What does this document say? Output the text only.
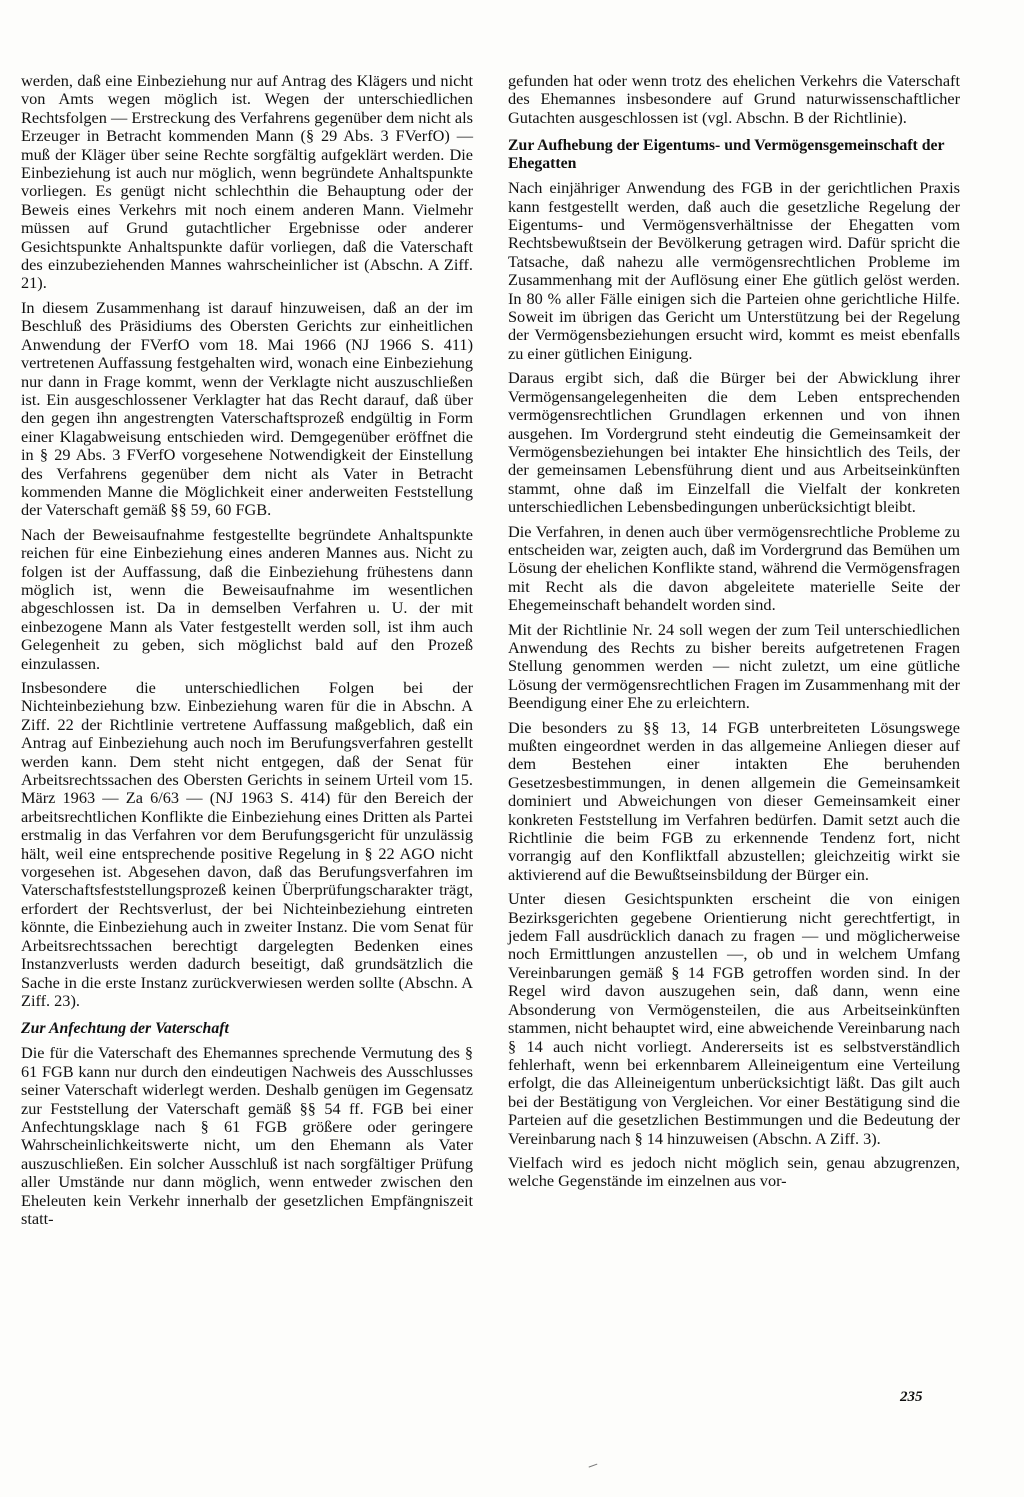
werden, daß eine Einbeziehung nur auf Antrag des Klägers und nicht von Amts wegen möglich ist. Wegen der unterschiedlichen Rechtsfolgen — Erstreckung des Verfahrens gegenüber dem nicht als Erzeuger in Betracht kommenden Mann (§ 29 Abs. 3 FVerfO) — muß der Kläger über seine Rechte sorgfältig aufgeklärt werden. Die Einbeziehung ist auch nur möglich, wenn begründete Anhaltspunkte vorliegen. Es genügt nicht schlechthin die Behauptung oder der Beweis eines Verkehrs mit noch einem anderen Mann. Vielmehr müssen auf Grund gutachtlicher Ergebnisse oder anderer Gesichtspunkte Anhaltspunkte dafür vorliegen, daß die Vaterschaft des einzubeziehenden Mannes wahrscheinlicher ist (Abschn. A Ziff. 21).

In diesem Zusammenhang ist darauf hinzuweisen, daß an der im Beschluß des Präsidiums des Obersten Gerichts zur einheitlichen Anwendung der FVerfO vom 18. Mai 1966 (NJ 1966 S. 411) vertretenen Auffassung festgehalten wird, wonach eine Einbeziehung nur dann in Frage kommt, wenn der Verklagte nicht auszuschließen ist. Ein ausgeschlossener Verklagter hat das Recht darauf, daß über den gegen ihn angestrengten Vaterschaftsprozeß endgültig in Form einer Klagabweisung entschieden wird. Demgegenüber eröffnet die in § 29 Abs. 3 FVerfO vorgesehene Notwendigkeit der Einstellung des Verfahrens gegenüber dem nicht als Vater in Betracht kommenden Manne die Möglichkeit einer anderweiten Feststellung der Vaterschaft gemäß §§ 59, 60 FGB.

Nach der Beweisaufnahme festgestellte begründete Anhaltspunkte reichen für eine Einbeziehung eines anderen Mannes aus. Nicht zu folgen ist der Auffassung, daß die Einbeziehung frühestens dann möglich ist, wenn die Beweisaufnahme im wesentlichen abgeschlossen ist. Da in demselben Verfahren u. U. der mit einbezogene Mann als Vater festgestellt werden soll, ist ihm auch Gelegenheit zu geben, sich möglichst bald auf den Prozeß einzulassen.

Insbesondere die unterschiedlichen Folgen bei der Nichteinbeziehung bzw. Einbeziehung waren für die in Abschn. A Ziff. 22 der Richtlinie vertretene Auffassung maßgeblich, daß ein Antrag auf Einbeziehung auch noch im Berufungsverfahren gestellt werden kann. Dem steht nicht entgegen, daß der Senat für Arbeitsrechtssachen des Obersten Gerichts in seinem Urteil vom 15. März 1963 — Za 6/63 — (NJ 1963 S. 414) für den Bereich der arbeitsrechtlichen Konflikte die Einbeziehung eines Dritten als Partei erstmalig in das Verfahren vor dem Berufungsgericht für unzulässig hält, weil eine entsprechende positive Regelung in § 22 AGO nicht vorgesehen ist. Abgesehen davon, daß das Berufungsverfahren im Vaterschaftsfeststellungsprozeß keinen Überprüfungscharakter trägt, erfordert der Rechtsverlust, der bei Nichteinbeziehung eintreten könnte, die Einbeziehung auch in zweiter Instanz. Die vom Senat für Arbeitsrechtssachen berechtigt dargelegten Bedenken eines Instanzverlusts werden dadurch beseitigt, daß grundsätzlich die Sache in die erste Instanz zurückverwiesen werden sollte (Abschn. A Ziff. 23).

Zur Anfechtung der Vaterschaft

Die für die Vaterschaft des Ehemannes sprechende Vermutung des § 61 FGB kann nur durch den eindeutigen Nachweis des Ausschlusses seiner Vaterschaft widerlegt werden. Deshalb genügen im Gegensatz zur Feststellung der Vaterschaft gemäß §§ 54 ff. FGB bei einer Anfechtungsklage nach § 61 FGB größere oder geringere Wahrscheinlichkeitswerte nicht, um den Ehemann als Vater auszuschließen. Ein solcher Ausschluß ist nach sorgfältiger Prüfung aller Umstände nur dann möglich, wenn entweder zwischen den Eheleuten kein Verkehr innerhalb der gesetzlichen Empfängniszeit statt-

gefunden hat oder wenn trotz des ehelichen Verkehrs die Vaterschaft des Ehemannes insbesondere auf Grund naturwissenschaftlicher Gutachten ausgeschlossen ist (vgl. Abschn. B der Richtlinie).

Zur Aufhebung der Eigentums- und Vermögensgemeinschaft der Ehegatten

Nach einjähriger Anwendung des FGB in der gerichtlichen Praxis kann festgestellt werden, daß auch die gesetzliche Regelung der Eigentums- und Vermögensverhältnisse der Ehegatten vom Rechtsbewußtsein der Bevölkerung getragen wird. Dafür spricht die Tatsache, daß nahezu alle vermögensrechtlichen Probleme im Zusammenhang mit der Auflösung einer Ehe gütlich gelöst werden. In 80 % aller Fälle einigen sich die Parteien ohne gerichtliche Hilfe. Soweit im übrigen das Gericht um Unterstützung bei der Regelung der Vermögensbeziehungen ersucht wird, kommt es meist ebenfalls zu einer gütlichen Einigung.

Daraus ergibt sich, daß die Bürger bei der Abwicklung ihrer Vermögensangelegenheiten die dem Leben entsprechenden vermögensrechtlichen Grundlagen erkennen und von ihnen ausgehen. Im Vordergrund steht eindeutig die Gemeinsamkeit der Vermögensbeziehungen bei intakter Ehe hinsichtlich des Teils, der der gemeinsamen Lebensführung dient und aus Arbeitseinkünften stammt, ohne daß im Einzelfall die Vielfalt der konkreten unterschiedlichen Lebensbedingungen unberücksichtigt bleibt.

Die Verfahren, in denen auch über vermögensrechtliche Probleme zu entscheiden war, zeigten auch, daß im Vordergrund das Bemühen um Lösung der ehelichen Konflikte stand, während die Vermögensfragen mit Recht als die davon abgeleitete materielle Seite der Ehegemeinschaft behandelt worden sind.

Mit der Richtlinie Nr. 24 soll wegen der zum Teil unterschiedlichen Anwendung des Rechts zu bisher bereits aufgetretenen Fragen Stellung genommen werden — nicht zuletzt, um eine gütliche Lösung der vermögensrechtlichen Fragen im Zusammenhang mit der Beendigung einer Ehe zu erleichtern.

Die besonders zu §§ 13, 14 FGB unterbreiteten Lösungswege mußten eingeordnet werden in das allgemeine Anliegen dieser auf dem Bestehen einer intakten Ehe beruhenden Gesetzesbestimmungen, in denen allgemein die Gemeinsamkeit dominiert und Abweichungen von dieser Gemeinsamkeit einer konkreten Feststellung im Verfahren bedürfen. Damit setzt auch die Richtlinie die beim FGB zu erkennende Tendenz fort, nicht vorrangig auf den Konfliktfall abzustellen; gleichzeitig wirkt sie aktivierend auf die Bewußtseinsbildung der Bürger ein.

Unter diesen Gesichtspunkten erscheint die von einigen Bezirksgerichten gegebene Orientierung nicht gerechtfertigt, in jedem Fall ausdrücklich danach zu fragen — und möglicherweise noch Ermittlungen anzustellen —, ob und in welchem Umfang Vereinbarungen gemäß § 14 FGB getroffen worden sind. In der Regel wird davon auszugehen sein, daß dann, wenn eine Absonderung von Vermögensteilen, die aus Arbeitseinkünften stammen, nicht behauptet wird, eine abweichende Vereinbarung nach § 14 auch nicht vorliegt. Andererseits ist es selbstverständlich fehlerhaft, wenn bei erkennbarem Alleineigentum eine Verteilung erfolgt, die das Alleineigentum unberücksichtigt läßt. Das gilt auch bei der Bestätigung von Vergleichen. Vor einer Bestätigung sind die Parteien auf die gesetzlichen Bestimmungen und die Bedeutung der Vereinbarung nach § 14 hinzuweisen (Abschn. A Ziff. 3).

Vielfach wird es jedoch nicht möglich sein, genau abzugrenzen, welche Gegenstände im einzelnen aus vor-

235
